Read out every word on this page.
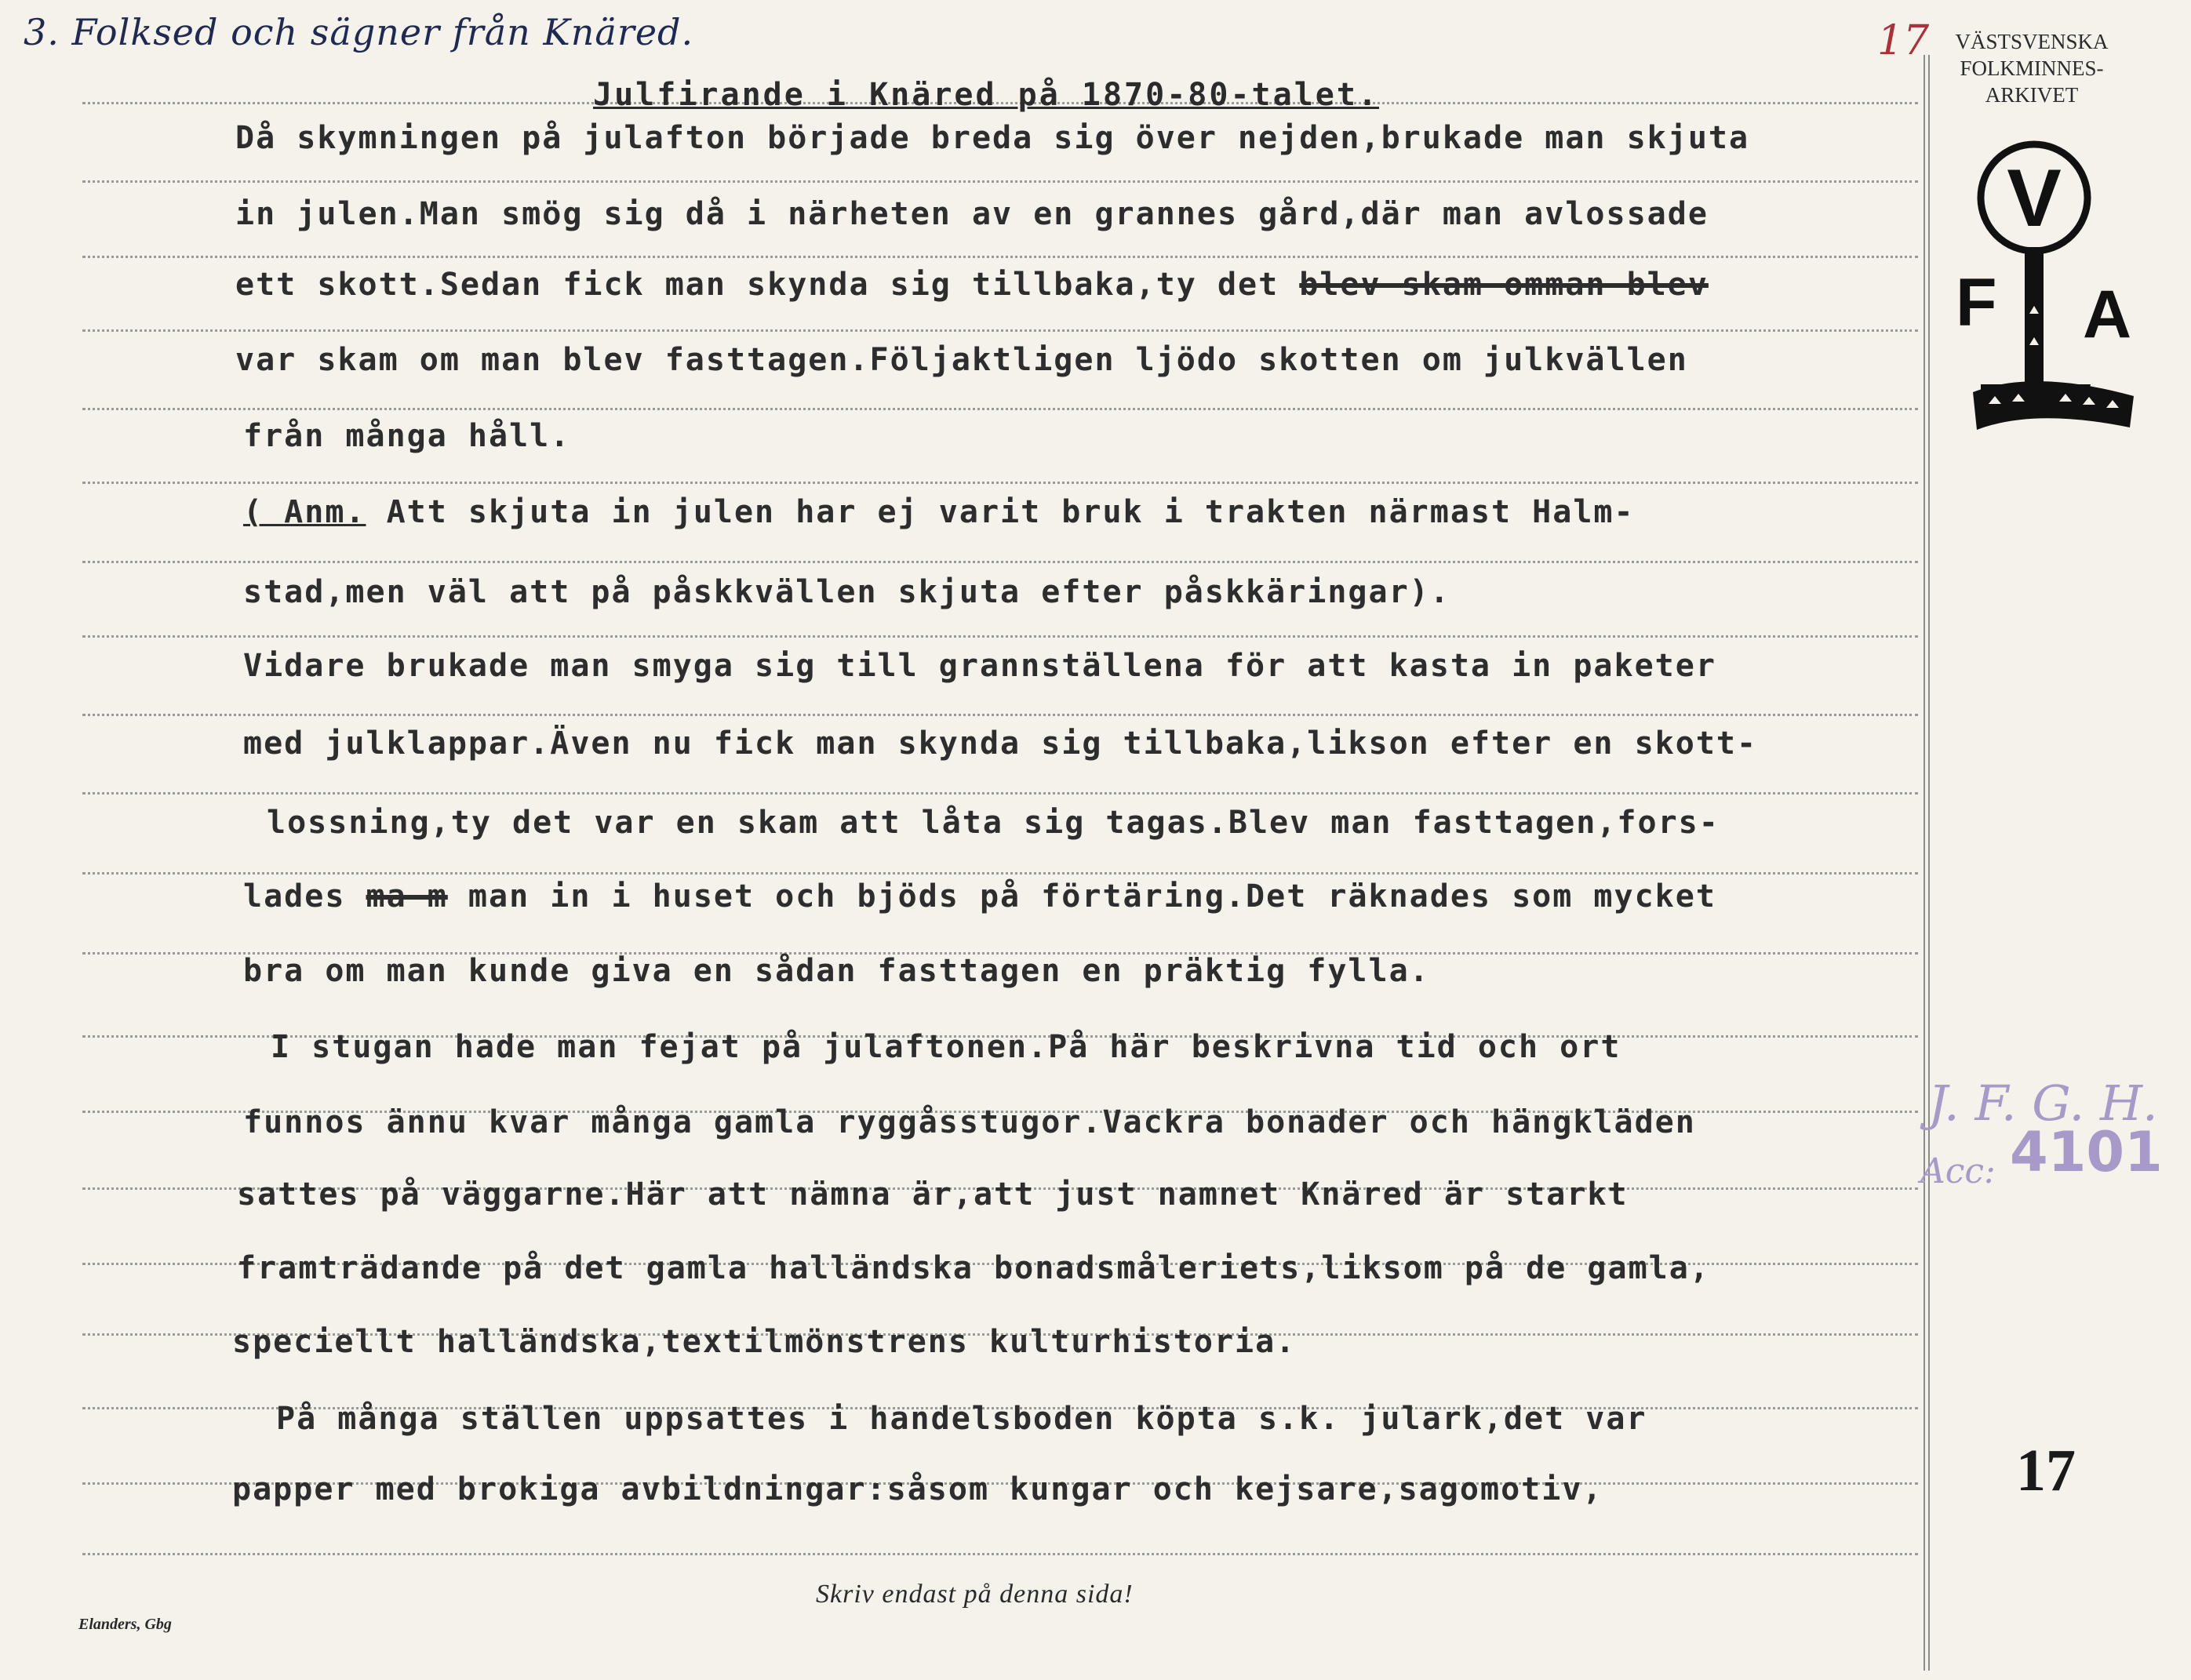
3. Folksed och sägner från Knäred.	17	VÄSTSVENSKA
FOLKMINNES-
ARKIVET
V
F A
Julfirande i Knäred på 1870-80-talet.
Då skymningen på julafton började breda sig över nejden,brukade man skjuta
in julen.Man smög sig då i närheten av en grannes gård,där man avlossade
ett skott.Sedan fick man skynda sig tillbaka,ty det blev skam omman blev
var skam om man blev fasttagen.Följaktligen ljödo skotten om julkvällen
från många håll.
( Anm. Att skjuta in julen har ej varit bruk i trakten närmast Halm-
stad,men väl att på påskkvällen skjuta efter påskkäringar).
Vidare brukade man smyga sig till grannställena för att kasta in paketer
med julklappar.Även nu fick man skynda sig tillbaka,likson efter en skott-
lossning,ty det var en skam att låta sig tagas.Blev man fasttagen,fors-
lades ma m man in i huset och bjöds på förtäring.Det räknades som mycket
bra om man kunde giva en sådan fasttagen en präktig fylla.
I stugan hade man fejat på julaftonen.På här beskrivna tid och ort
funnos ännu kvar många gamla ryggåsstugor.Vackra bonader och hängkläden
sattes på väggarne.Här att nämna är,att just namnet Knäred är starkt
framträdande på det gamla halländska bonadsmåleriets,liksom på de gamla,
speciellt halländska,textilmönstrens kulturhistoria.
På många ställen uppsattes i handelsboden köpta s.k. julark,det var
papper med brokiga avbildningar:såsom kungar och kejsare,sagomotiv,
J. F. G. H.
Acc: 4101
17
Skriv endast på denna sida!
Elanders, Gbg
